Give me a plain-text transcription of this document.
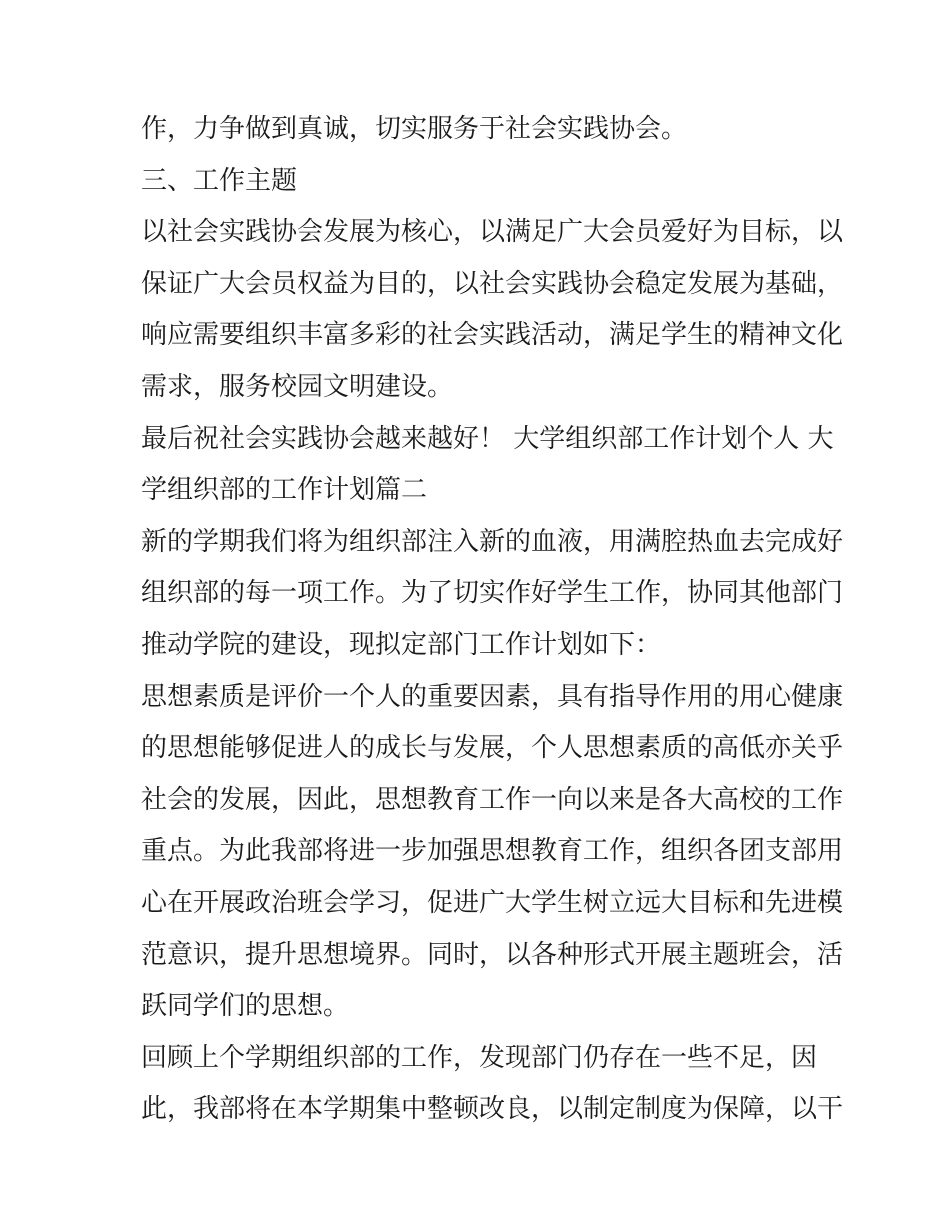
作，力争做到真诚，切实服务于社会实践协会。
三、工作主题
以社会实践协会发展为核心，以满足广大会员爱好为目标，以
保证广大会员权益为目的，以社会实践协会稳定发展为基础，
响应需要组织丰富多彩的社会实践活动，满足学生的精神文化
需求，服务校园文明建设。
最后祝社会实践协会越来越好！ 大学组织部工作计划个人 大
学组织部的工作计划篇二
新的学期我们将为组织部注入新的血液，用满腔热血去完成好
组织部的每一项工作。为了切实作好学生工作，协同其他部门
推动学院的建设，现拟定部门工作计划如下：
思想素质是评价一个人的重要因素，具有指导作用的用心健康
的思想能够促进人的成长与发展，个人思想素质的高低亦关乎
社会的发展，因此，思想教育工作一向以来是各大高校的工作
重点。为此我部将进一步加强思想教育工作，组织各团支部用
心在开展政治班会学习，促进广大学生树立远大目标和先进模
范意识，提升思想境界。同时，以各种形式开展主题班会，活
跃同学们的思想。
回顾上个学期组织部的工作，发现部门仍存在一些不足，因
此，我部将在本学期集中整顿改良，以制定制度为保障，以干
